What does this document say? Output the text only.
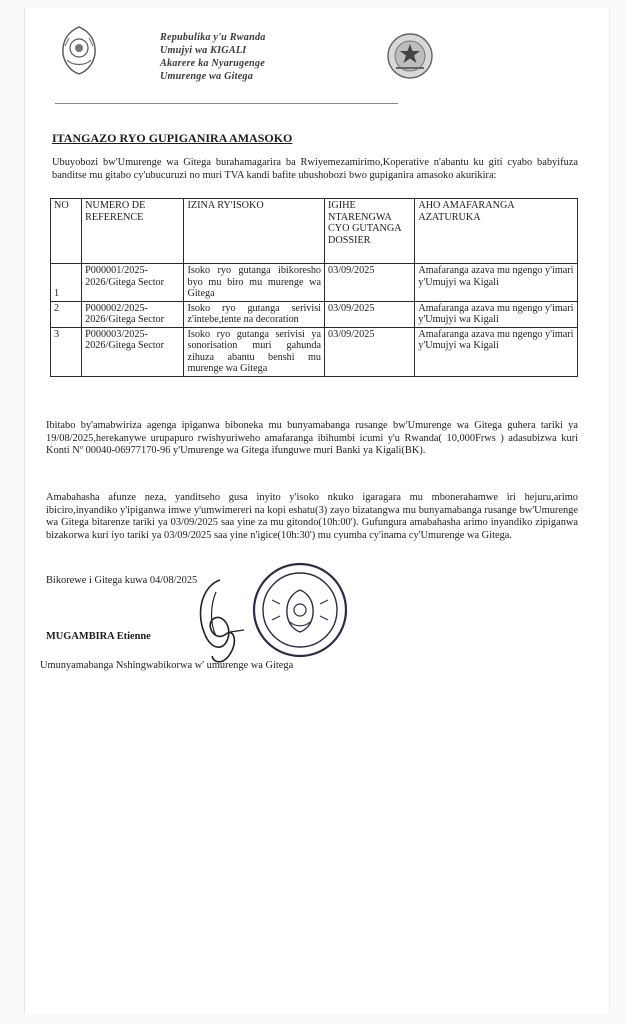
Repubulika y'u Rwanda
Umujyi wa KIGALI
Akarere ka Nyarugenge
Umurenge wa Gitega
ITANGAZO RYO GUPIGANIRA AMASOKO
Ubuyobozi bw'Umurenge wa Gitega burahamagarira ba Rwiyemezamirimo,Koperative n'abantu ku giti cyabo babyifuza banditse mu gitabo cy'ubucuruzi no muri TVA kandi bafite ubushobozi bwo gupiganira amasoko akurikira:
NO	NUMERO DE REFERENCE	IZINA RY'ISOKO	IGIHE NTARENGWA CYO GUTANGA DOSSIER	AHO AMAFARANGA AZATURUKA
1	P000001/2025-2026/Gitega Sector	Isoko ryo gutanga ibikoresho byo mu biro mu murenge wa Gitega	03/09/2025	Amafaranga azava mu ngengo y'imari y'Umujyi wa Kigali
2	P000002/2025-2026/Gitega Sector	Isoko ryo gutanga serivisi z'intebe,tente na decoration	03/09/2025	Amafaranga azava mu ngengo y'imari y'Umujyi wa Kigali
3	P000003/2025-2026/Gitega Sector	Isoko ryo gutanga serivisi ya sonorisation muri gahunda zihuza abantu benshi mu murenge wa Gitega	03/09/2025	Amafaranga azava mu ngengo y'imari y'Umujyi wa Kigali
Ibitabo by'amabwiriza agenga ipiganwa biboneka mu bunyamabanga rusange bw'Umurenge wa Gitega guhera tariki ya 19/08/2025,herekanywe urupapuro rwishyuriweho amafaranga ibihumbi icumi y'u Rwanda( 10,000Frws ) adasubizwa kuri Konti Nº 00040-06977170-96 y'Umurenge wa Gitega ifunguwe muri Banki ya Kigali(BK).
Amabahasha afunze neza, yanditseho gusa inyito y'isoko nkuko igaragara mu mbonerahamwe iri hejuru,arimo ibiciro,inyandiko y'ipiganwa imwe y'umwimereri na kopi eshatu(3) zayo bizatangwa mu bunyamabanga rusange bw'Umurenge wa Gitega bitarenze tariki ya 03/09/2025 saa yine za mu gitondo(10h:00'). Gufungura amabahasha arimo inyandiko zipiganwa bizakorwa kuri iyo tariki ya 03/09/2025 saa yine n'igice(10h:30') mu cyumba cy'inama cy'Umurenge wa Gitega.
Bikorewe i Gitega kuwa 04/08/2025
MUGAMBIRA Etienne
Umunyamabanga Nshingwabikorwa w' umurenge wa Gitega
